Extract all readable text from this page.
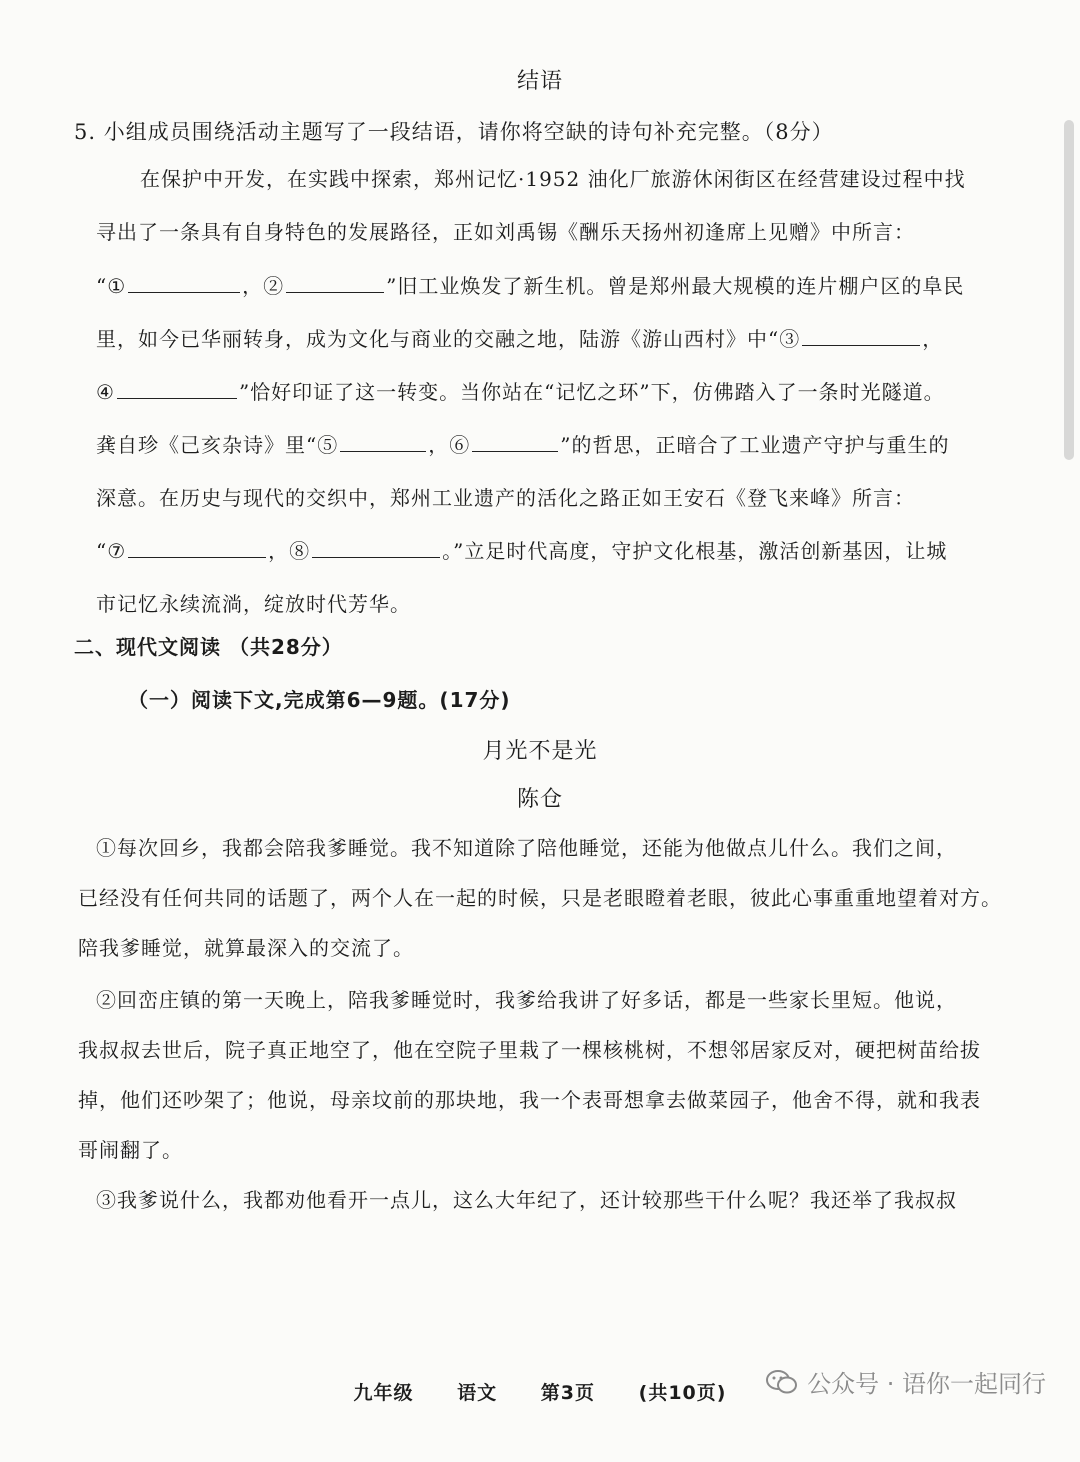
结语
5. 小组成员围绕活动主题写了一段结语，请你将空缺的诗句补充完整。（8分）
在保护中开发，在实践中探索，郑州记忆·1952 油化厂旅游休闲街区在经营建设过程中找
寻出了一条具有自身特色的发展路径，正如刘禹锡《酬乐天扬州初逢席上见赠》中所言：
“①	，②	”旧工业焕发了新生机。曾是郑州最大规模的连片棚户区的阜民
里，如今已华丽转身，成为文化与商业的交融之地，陆游《游山西村》中“③	，
④	”恰好印证了这一转变。当你站在“记忆之环”下，仿佛踏入了一条时光隧道。
龚自珍《己亥杂诗》里“⑤	，⑥	”的哲思，正暗合了工业遗产守护与重生的
深意。在历史与现代的交织中，郑州工业遗产的活化之路正如王安石《登飞来峰》所言：
“⑦	，⑧	。”立足时代高度，守护文化根基，激活创新基因，让城
市记忆永续流淌，绽放时代芳华。
二、现代文阅读 （共28分）
（一）阅读下文,完成第6—9题。(17分)
月光不是光
陈仓
①每次回乡，我都会陪我爹睡觉。我不知道除了陪他睡觉，还能为他做点儿什么。我们之间，
已经没有任何共同的话题了，两个人在一起的时候，只是老眼瞪着老眼，彼此心事重重地望着对方。
陪我爹睡觉，就算最深入的交流了。
②回峦庄镇的第一天晚上，陪我爹睡觉时，我爹给我讲了好多话，都是一些家长里短。他说，
我叔叔去世后，院子真正地空了，他在空院子里栽了一棵核桃树，不想邻居家反对，硬把树苗给拔
掉，他们还吵架了；他说，母亲坟前的那块地，我一个表哥想拿去做菜园子，他舍不得，就和我表
哥闹翻了。
③我爹说什么，我都劝他看开一点儿，这么大年纪了，还计较那些干什么呢？我还举了我叔叔
九年级 语文 第3页 (共10页)	公众号 · 语你一起同行
